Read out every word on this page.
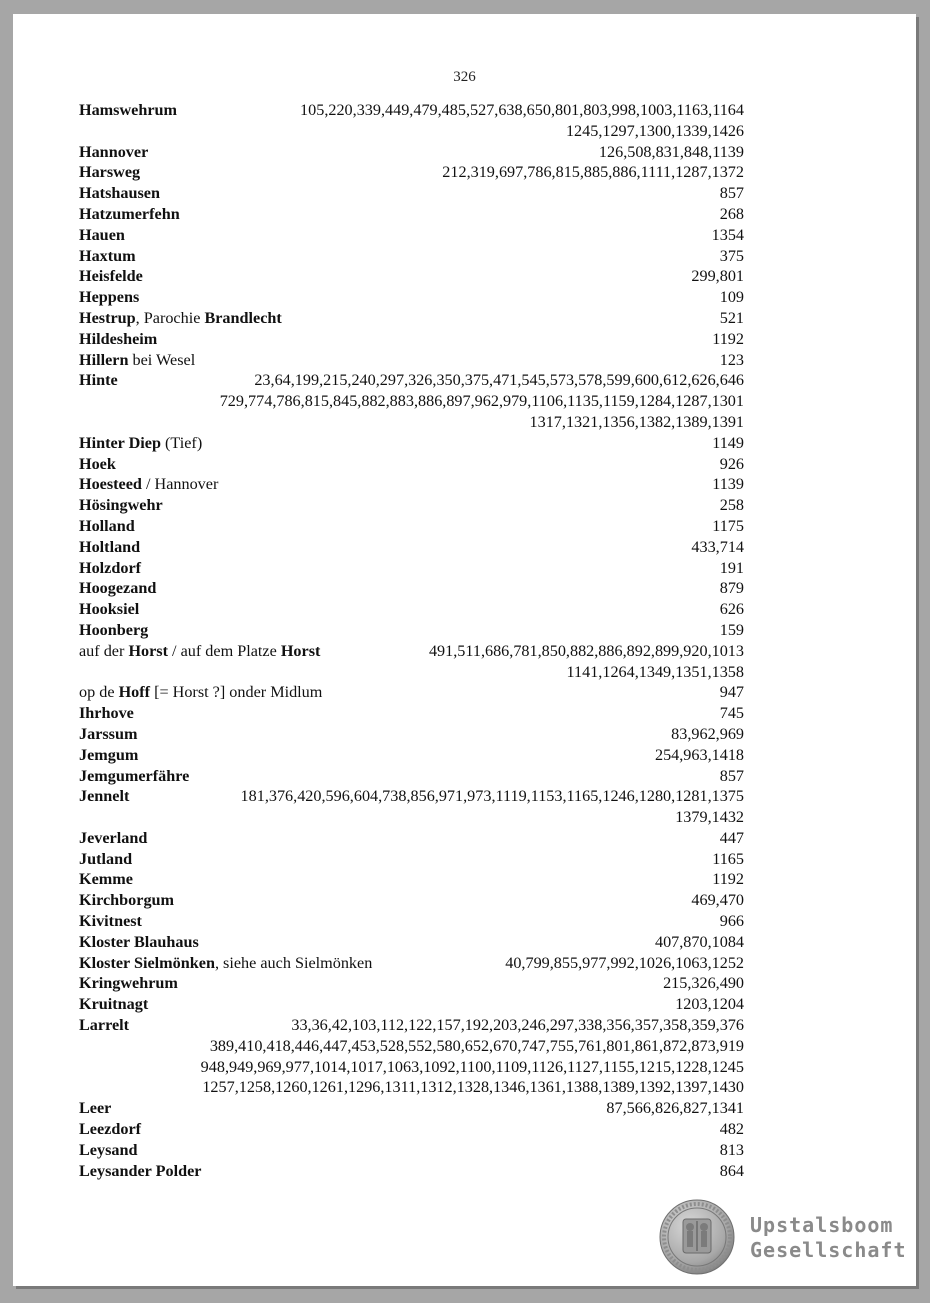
326
Hamswehrum	105,220,339,449,479,485,527,638,650,801,803,998,1003,1163,1164
1245,1297,1300,1339,1426
Hannover	126,508,831,848,1139
Harsweg	212,319,697,786,815,885,886,1111,1287,1372
Hatshausen	857
Hatzumerfehn	268
Hauen	1354
Haxtum	375
Heisfelde	299,801
Heppens	109
Hestrup, Parochie Brandlecht	521
Hildesheim	1192
Hillern bei Wesel	123
Hinte	23,64,199,215,240,297,326,350,375,471,545,573,578,599,600,612,626,646
729,774,786,815,845,882,883,886,897,962,979,1106,1135,1159,1284,1287,1301
1317,1321,1356,1382,1389,1391
Hinter Diep (Tief)	1149
Hoek	926
Hoesteed / Hannover	1139
Hösingwehr	258
Holland	1175
Holtland	433,714
Holzdorf	191
Hoogezand	879
Hooksiel	626
Hoonberg	159
auf der Horst / auf dem Platze Horst	491,511,686,781,850,882,886,892,899,920,1013
1141,1264,1349,1351,1358
op de Hoff [= Horst ?] onder Midlum	947
Ihrhove	745
Jarssum	83,962,969
Jemgum	254,963,1418
Jemgumerfähre	857
Jennelt	181,376,420,596,604,738,856,971,973,1119,1153,1165,1246,1280,1281,1375
1379,1432
Jeverland	447
Jutland	1165
Kemme	1192
Kirchborgum	469,470
Kivitnest	966
Kloster Blauhaus	407,870,1084
Kloster Sielmönken, siehe auch Sielmönken	40,799,855,977,992,1026,1063,1252
Kringwehrum	215,326,490
Kruitnagt	1203,1204
Larrelt	33,36,42,103,112,122,157,192,203,246,297,338,356,357,358,359,376
389,410,418,446,447,453,528,552,580,652,670,747,755,761,801,861,872,873,919
948,949,969,977,1014,1017,1063,1092,1100,1109,1126,1127,1155,1215,1228,1245
1257,1258,1260,1261,1296,1311,1312,1328,1346,1361,1388,1389,1392,1397,1430
Leer	87,566,826,827,1341
Leezdorf	482
Leysand	813
Leysander Polder	864
Upstalsboom
Gesellschaft
